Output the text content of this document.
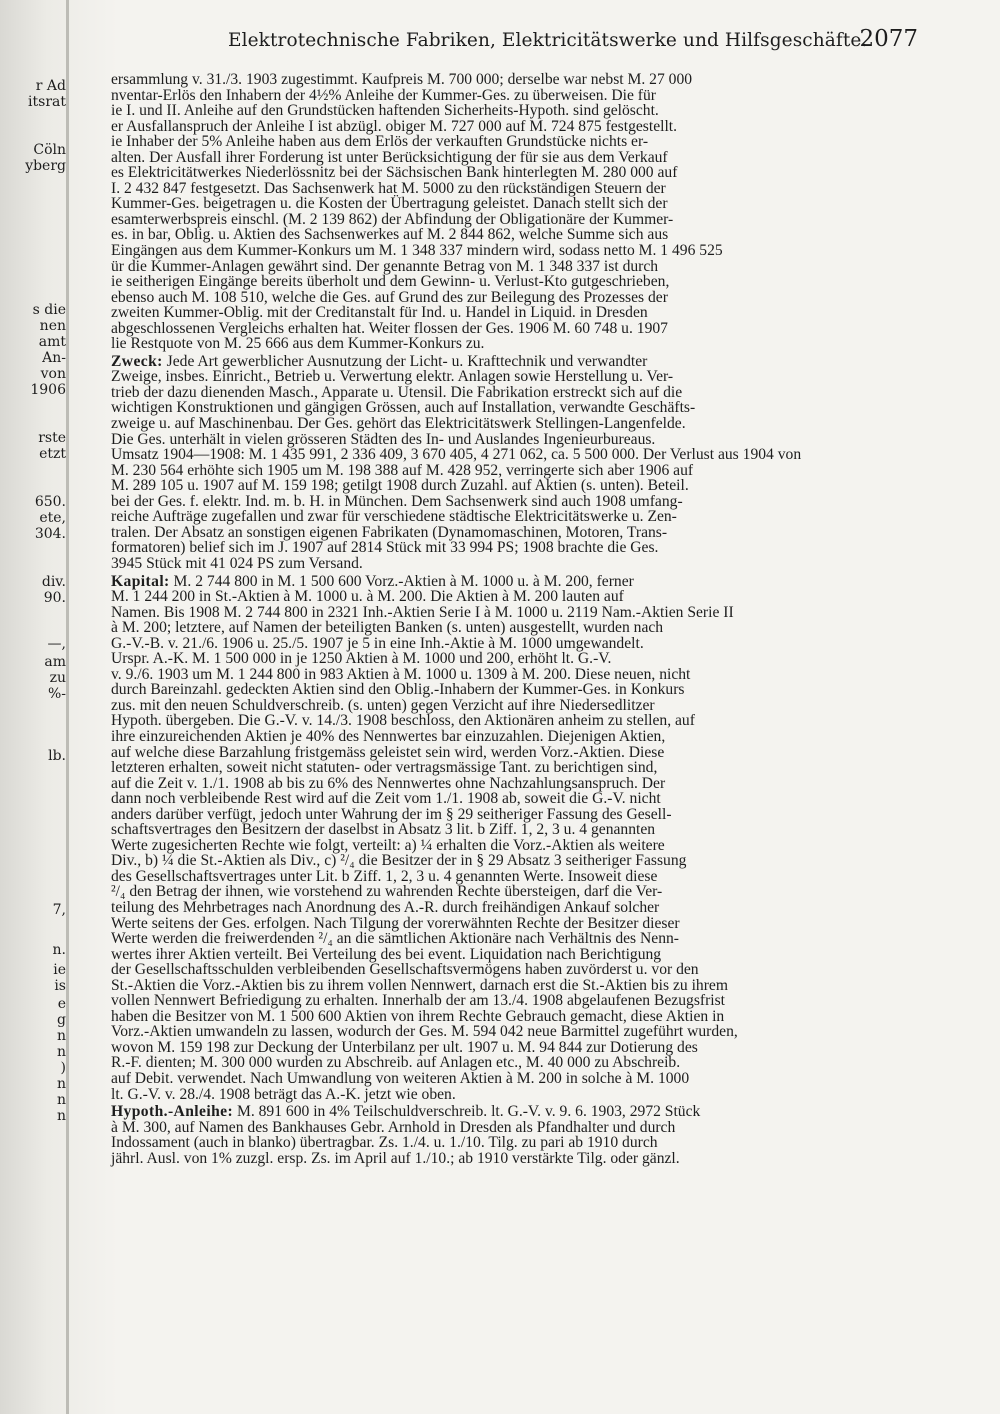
r Ad
itsrat
Cöln
yberg
s die
nen
amt
An-
von
1906
rste
etzt
650.
ete,
304.
div.
90.
—,
am
zu
%-
lb.
7,
n.
ie
is
e
g
n
n
)
n
n
n
Elektrotechnische Fabriken, Elektricitätswerke und Hilfsgeschäfte.
2077
ersammlung v. 31./3. 1903 zugestimmt. Kaufpreis M. 700 000; derselbe war nebst M. 27 000
nventar-Erlös den Inhabern der 4½% Anleihe der Kummer-Ges. zu überweisen. Die für
ie I. und II. Anleihe auf den Grundstücken haftenden Sicherheits-Hypoth. sind gelöscht.
er Ausfallanspruch der Anleihe I ist abzügl. obiger M. 727 000 auf M. 724 875 festgestellt.
ie Inhaber der 5% Anleihe haben aus dem Erlös der verkauften Grundstücke nichts er-
alten. Der Ausfall ihrer Forderung ist unter Berücksichtigung der für sie aus dem Verkauf
es Elektricitätwerkes Niederlössnitz bei der Sächsischen Bank hinterlegten M. 280 000 auf
I. 2 432 847 festgesetzt. Das Sachsenwerk hat M. 5000 zu den rückständigen Steuern der
Kummer-Ges. beigetragen u. die Kosten der Übertragung geleistet. Danach stellt sich der
esamterwerbspreis einschl. (M. 2 139 862) der Abfindung der Obligationäre der Kummer-
es. in bar, Oblig. u. Aktien des Sachsenwerkes auf M. 2 844 862, welche Summe sich aus
Eingängen aus dem Kummer-Konkurs um M. 1 348 337 mindern wird, sodass netto M. 1 496 525
ür die Kummer-Anlagen gewährt sind. Der genannte Betrag von M. 1 348 337 ist durch
ie seitherigen Eingänge bereits überholt und dem Gewinn- u. Verlust-Kto gutgeschrieben,
ebenso auch M. 108 510, welche die Ges. auf Grund des zur Beilegung des Prozesses der
zweiten Kummer-Oblig. mit der Creditanstalt für Ind. u. Handel in Liquid. in Dresden
abgeschlossenen Vergleichs erhalten hat. Weiter flossen der Ges. 1906 M. 60 748 u. 1907
lie Restquote von M. 25 666 aus dem Kummer-Konkurs zu.
Zweck: Jede Art gewerblicher Ausnutzung der Licht- u. Krafttechnik und verwandter
Zweige, insbes. Einricht., Betrieb u. Verwertung elektr. Anlagen sowie Herstellung u. Ver-
trieb der dazu dienenden Masch., Apparate u. Utensil. Die Fabrikation erstreckt sich auf die
wichtigen Konstruktionen und gängigen Grössen, auch auf Installation, verwandte Geschäfts-
zweige u. auf Maschinenbau. Der Ges. gehört das Elektricitätswerk Stellingen-Langenfelde.
Die Ges. unterhält in vielen grösseren Städten des In- und Auslandes Ingenieurbureaus.
Umsatz 1904—1908: M. 1 435 991, 2 336 409, 3 670 405, 4 271 062, ca. 5 500 000. Der Verlust aus 1904 von
M. 230 564 erhöhte sich 1905 um M. 198 388 auf M. 428 952, verringerte sich aber 1906 auf
M. 289 105 u. 1907 auf M. 159 198; getilgt 1908 durch Zuzahl. auf Aktien (s. unten). Beteil.
bei der Ges. f. elektr. Ind. m. b. H. in München. Dem Sachsenwerk sind auch 1908 umfang-
reiche Aufträge zugefallen und zwar für verschiedene städtische Elektricitätswerke u. Zen-
tralen. Der Absatz an sonstigen eigenen Fabrikaten (Dynamomaschinen, Motoren, Trans-
formatoren) belief sich im J. 1907 auf 2814 Stück mit 33 994 PS; 1908 brachte die Ges.
3945 Stück mit 41 024 PS zum Versand.
Kapital: M. 2 744 800 in M. 1 500 600 Vorz.-Aktien à M. 1000 u. à M. 200, ferner
M. 1 244 200 in St.-Aktien à M. 1000 u. à M. 200. Die Aktien à M. 200 lauten auf
Namen. Bis 1908 M. 2 744 800 in 2321 Inh.-Aktien Serie I à M. 1000 u. 2119 Nam.-Aktien Serie II
à M. 200; letztere, auf Namen der beteiligten Banken (s. unten) ausgestellt, wurden nach
G.-V.-B. v. 21./6. 1906 u. 25./5. 1907 je 5 in eine Inh.-Aktie à M. 1000 umgewandelt.
Urspr. A.-K. M. 1 500 000 in je 1250 Aktien à M. 1000 und 200, erhöht lt. G.-V.
v. 9./6. 1903 um M. 1 244 800 in 983 Aktien à M. 1000 u. 1309 à M. 200. Diese neuen, nicht
durch Bareinzahl. gedeckten Aktien sind den Oblig.-Inhabern der Kummer-Ges. in Konkurs
zus. mit den neuen Schuldverschreib. (s. unten) gegen Verzicht auf ihre Niedersedlitzer
Hypoth. übergeben. Die G.-V. v. 14./3. 1908 beschloss, den Aktionären anheim zu stellen, auf
ihre einzureichenden Aktien je 40% des Nennwertes bar einzuzahlen. Diejenigen Aktien,
auf welche diese Barzahlung fristgemäss geleistet sein wird, werden Vorz.-Aktien. Diese
letzteren erhalten, soweit nicht statuten- oder vertragsmässige Tant. zu berichtigen sind,
auf die Zeit v. 1./1. 1908 ab bis zu 6% des Nennwertes ohne Nachzahlungsanspruch. Der
dann noch verbleibende Rest wird auf die Zeit vom 1./1. 1908 ab, soweit die G.-V. nicht
anders darüber verfügt, jedoch unter Wahrung der im § 29 seitheriger Fassung des Gesell-
schaftsvertrages den Besitzern der daselbst in Absatz 3 lit. b Ziff. 1, 2, 3 u. 4 genannten
Werte zugesicherten Rechte wie folgt, verteilt: a) ¼ erhalten die Vorz.-Aktien als weitere
Div., b) ¼ die St.-Aktien als Div., c) ²/₄ die Besitzer der in § 29 Absatz 3 seitheriger Fassung
des Gesellschaftsvertrages unter Lit. b Ziff. 1, 2, 3 u. 4 genannten Werte. Insoweit diese
²/₄ den Betrag der ihnen, wie vorstehend zu wahrenden Rechte übersteigen, darf die Ver-
teilung des Mehrbetrages nach Anordnung des A.-R. durch freihändigen Ankauf solcher
Werte seitens der Ges. erfolgen. Nach Tilgung der vorerwähnten Rechte der Besitzer dieser
Werte werden die freiwerdenden ²/₄ an die sämtlichen Aktionäre nach Verhältnis des Nenn-
wertes ihrer Aktien verteilt. Bei Verteilung des bei event. Liquidation nach Berichtigung
der Gesellschaftsschulden verbleibenden Gesellschaftsvermögens haben zuvörderst u. vor den
St.-Aktien die Vorz.-Aktien bis zu ihrem vollen Nennwert, darnach erst die St.-Aktien bis zu ihrem
vollen Nennwert Befriedigung zu erhalten. Innerhalb der am 13./4. 1908 abgelaufenen Bezugsfrist
haben die Besitzer von M. 1 500 600 Aktien von ihrem Rechte Gebrauch gemacht, diese Aktien in
Vorz.-Aktien umwandeln zu lassen, wodurch der Ges. M. 594 042 neue Barmittel zugeführt wurden,
wovon M. 159 198 zur Deckung der Unterbilanz per ult. 1907 u. M. 94 844 zur Dotierung des
R.-F. dienten; M. 300 000 wurden zu Abschreib. auf Anlagen etc., M. 40 000 zu Abschreib.
auf Debit. verwendet. Nach Umwandlung von weiteren Aktien à M. 200 in solche à M. 1000
lt. G.-V. v. 28./4. 1908 beträgt das A.-K. jetzt wie oben.
Hypoth.-Anleihe: M. 891 600 in 4% Teilschuldverschreib. lt. G.-V. v. 9. 6. 1903, 2972 Stück
à M. 300, auf Namen des Bankhauses Gebr. Arnhold in Dresden als Pfandhalter und durch
Indossament (auch in blanko) übertragbar. Zs. 1./4. u. 1./10. Tilg. zu pari ab 1910 durch
jährl. Ausl. von 1% zuzgl. ersp. Zs. im April auf 1./10.; ab 1910 verstärkte Tilg. oder gänzl.
